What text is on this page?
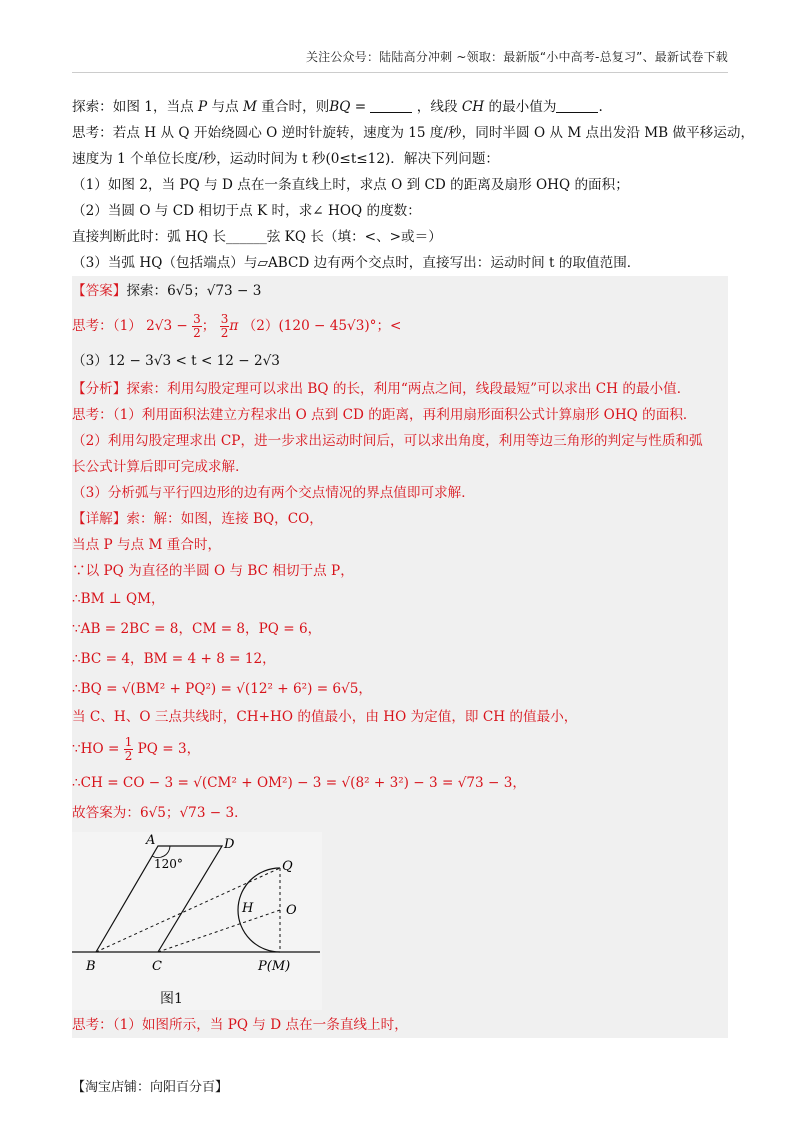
关注公众号：陆陆高分冲刺 ~领取：最新版“小中高考-总复习”、最新试卷下载
探索：如图 1，当点 P 与点 M 重合时，则BQ =	，线段 CH 的最小值为	.
思考：若点 H 从 Q 开始绕圆心 O 逆时针旋转，速度为 15 度/秒，同时半圆 O 从 M 点出发沿 MB 做平移运动，
速度为 1 个单位长度/秒，运动时间为 t 秒(0≤t≤12)．解决下列问题：
（1）如图 2，当 PQ 与 D 点在一条直线上时，求点 O 到 CD 的距离及扇形 OHQ 的面积；
（2）当圆 O 与 CD 相切于点 K 时，求∠ HOQ 的度数：
直接判断此时：弧 HQ 长______弦 KQ 长（填：<、>或＝）
（3）当弧 HQ（包括端点）与▱ABCD 边有两个交点时，直接写出：运动时间 t 的取值范围．
【答案】探索：6√5；√73 − 3
思考：（1） $2√3 - \frac{3}{2}$ ； $\frac{3}{2}$ π （2）(120 − 45√3)°；<
（3）12 − 3√3 < t < 12 − 2√3
【分析】探索：利用勾股定理可以求出 BQ 的长，利用“两点之间，线段最短”可以求出 CH 的最小值．
思考：（1）利用面积法建立方程求出 O 点到 CD 的距离，再利用扇形面积公式计算扇形 OHQ 的面积．
（2）利用勾股定理求出 CP，进一步求出运动时间后，可以求出角度，利用等边三角形的判定与性质和弧
长公式计算后即可完成求解．
（3）分析弧与平行四边形的边有两个交点情况的界点值即可求解．
【详解】索：解：如图，连接 BQ，CO，
当点 P 与点 M 重合时，
∵以 PQ 为直径的半圆 O 与 BC 相切于点 P，
∴BM ⊥ QM，
∵AB = 2BC = 8，CM = 8，PQ = 6，
∴BC = 4，BM = 4 + 8 = 12，
∴BQ = √(BM² + PQ²) = √(12² + 6²) = 6√5，
当 C、H、O 三点共线时，CH+HO 的值最小，由 HO 为定值，即 CH 的值最小，
∵HO = $\frac{1}{2}$ PQ = 3，
∴CH = CO − 3 = √(CM² + OM²) − 3 = √(8² + 3²) − 3 = √73 − 3，
故答案为：6√5；√73 − 3．
A	D
120°	Q
H	O
B	C	P(M)
图1
思考：（1）如图所示，当 PQ 与 D 点在一条直线上时，
【淘宝店铺：向阳百分百】
